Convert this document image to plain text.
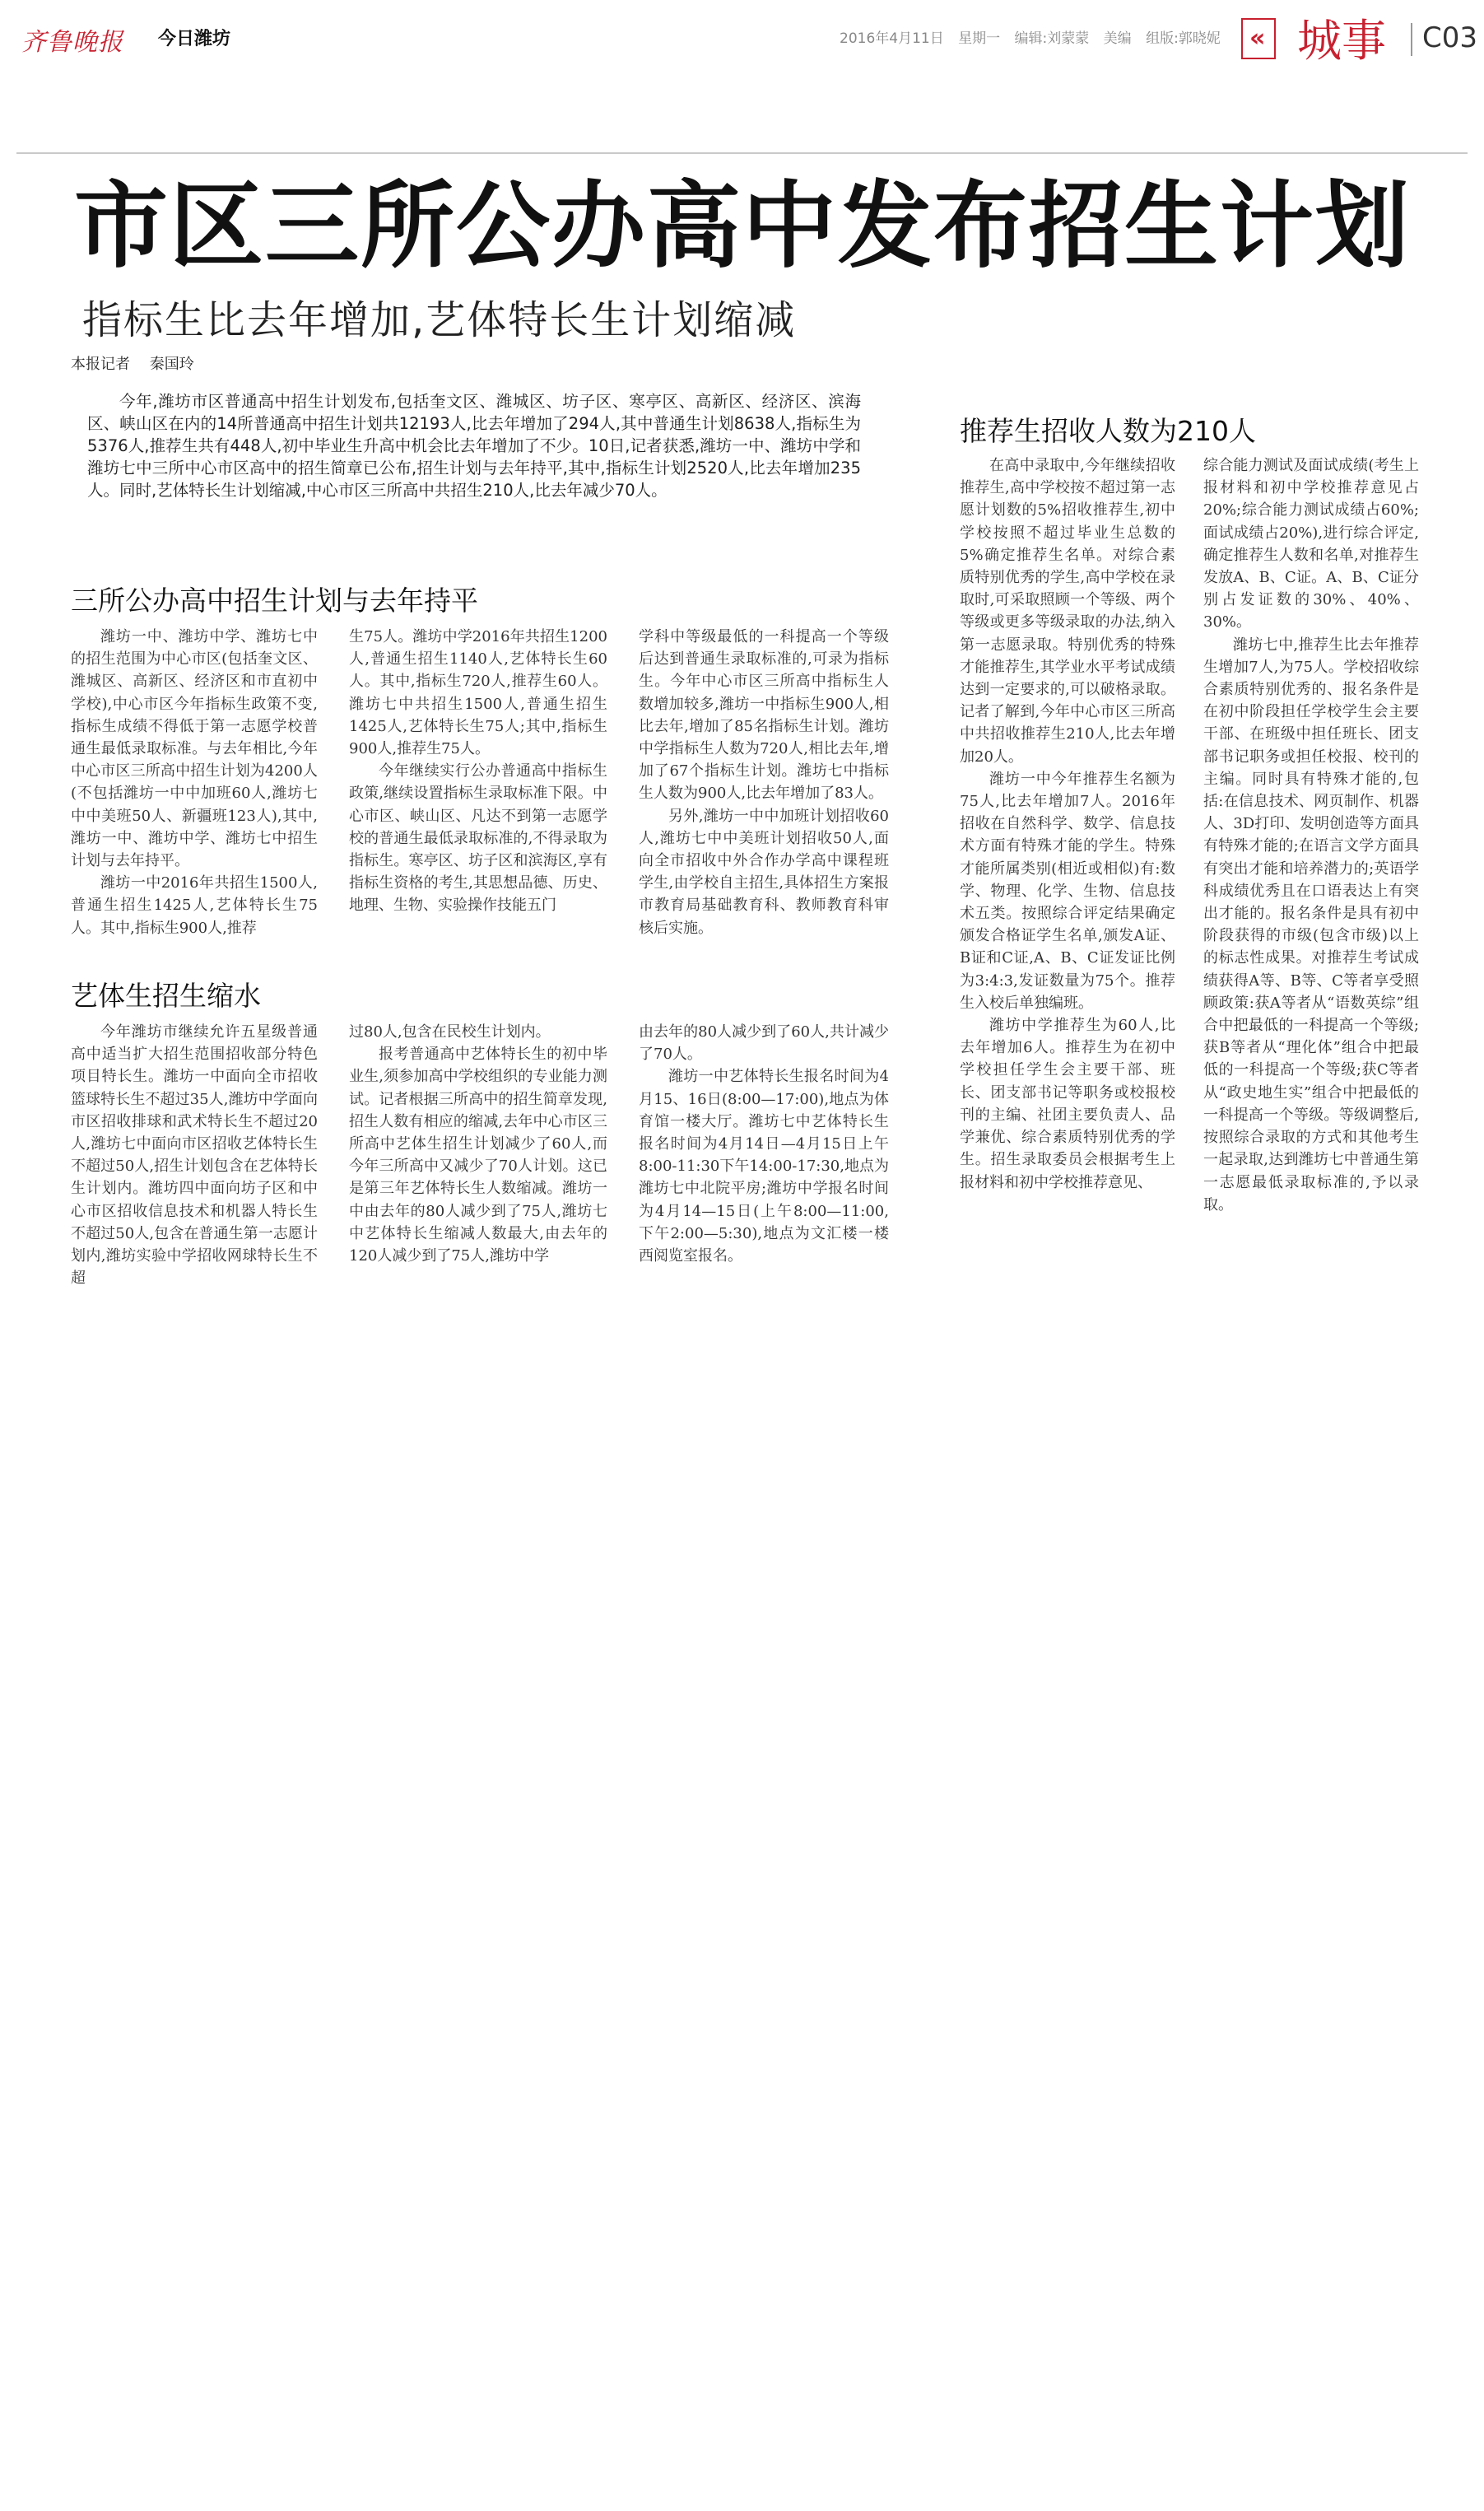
齐鲁晚报 今日潍坊	2016年4月11日 星期一 编辑:刘蒙蒙 美编 组版:郭晓妮	« 城事 C03
市区三所公办高中发布招生计划
指标生比去年增加,艺体特长生计划缩减
本报记者 秦国玲

今年,潍坊市区普通高中招生计划发布,包括奎文区、潍城区、坊子区、寒亭区、高新区、经济区、滨海区、峡山区在内的14所普通高中招生计划共12193人,比去年增加了294人,其中普通生计划8638人,指标生为5376人,推荐生共有448人,初中毕业生升高中机会比去年增加了不少。10日,记者获悉,潍坊一中、潍坊中学和潍坊七中三所中心市区高中的招生简章已公布,招生计划与去年持平,其中,指标生计划2520人,比去年增加235人。同时,艺体特长生计划缩减,中心市区三所高中共招生210人,比去年减少70人。

三所公办高中招生计划与去年持平

潍坊一中、潍坊中学、潍坊七中的招生范围为中心市区(包括奎文区、潍城区、高新区、经济区和市直初中学校),中心市区今年指标生政策不变,指标生成绩不得低于第一志愿学校普通生最低录取标准。与去年相比,今年中心市区三所高中招生计划为4200人(不包括潍坊一中中加班60人,潍坊七中中美班50人、新疆班123人),其中,潍坊一中、潍坊中学、潍坊七中招生计划与去年持平。

潍坊一中2016年共招生1500人,普通生招生1425人,艺体特长生75人。其中,指标生900人,推荐

生75人。潍坊中学2016年共招生1200人,普通生招生1140人,艺体特长生60人。其中,指标生720人,推荐生60人。潍坊七中共招生1500人,普通生招生1425人,艺体特长生75人;其中,指标生900人,推荐生75人。

今年继续实行公办普通高中指标生政策,继续设置指标生录取标准下限。中心市区、峡山区、凡达不到第一志愿学校的普通生最低录取标准的,不得录取为指标生。寒亭区、坊子区和滨海区,享有指标生资格的考生,其思想品德、历史、地理、生物、实验操作技能五门

学科中等级最低的一科提高一个等级后达到普通生录取标准的,可录为指标生。今年中心市区三所高中指标生人数增加较多,潍坊一中指标生900人,相比去年,增加了85名指标生计划。潍坊中学指标生人数为720人,相比去年,增加了67个指标生计划。潍坊七中指标生人数为900人,比去年增加了83人。

另外,潍坊一中中加班计划招收60人,潍坊七中中美班计划招收50人,面向全市招收中外合作办学高中课程班学生,由学校自主招生,具体招生方案报市教育局基础教育科、教师教育科审核后实施。

艺体生招生缩水

今年潍坊市继续允许五星级普通高中适当扩大招生范围招收部分特色项目特长生。潍坊一中面向全市招收篮球特长生不超过35人,潍坊中学面向市区招收排球和武术特长生不超过20人,潍坊七中面向市区招收艺体特长生不超过50人,招生计划包含在艺体特长生计划内。潍坊四中面向坊子区和中心市区招收信息技术和机器人特长生不超过50人,包含在普通生第一志愿计划内,潍坊实验中学招收网球特长生不超

过80人,包含在民校生计划内。

报考普通高中艺体特长生的初中毕业生,须参加高中学校组织的专业能力测试。记者根据三所高中的招生简章发现,招生人数有相应的缩减,去年中心市区三所高中艺体生招生计划减少了60人,而今年三所高中又减少了70人计划。这已是第三年艺体特长生人数缩减。潍坊一中由去年的80人减少到了75人,潍坊七中艺体特长生缩减人数最大,由去年的120人减少到了75人,潍坊中学

由去年的80人减少到了60人,共计减少了70人。

潍坊一中艺体特长生报名时间为4月15、16日(8:00—17:00),地点为体育馆一楼大厅。潍坊七中艺体特长生报名时间为4月14日—4月15日上午8:00-11:30下午14:00-17:30,地点为潍坊七中北院平房;潍坊中学报名时间为4月14—15日(上午8:00—11:00,下午2:00—5:30),地点为文汇楼一楼西阅览室报名。

推荐生招收人数为210人

在高中录取中,今年继续招收推荐生,高中学校按不超过第一志愿计划数的5%招收推荐生,初中学校按照不超过毕业生总数的5%确定推荐生名单。对综合素质特别优秀的学生,高中学校在录取时,可采取照顾一个等级、两个等级或更多等级录取的办法,纳入第一志愿录取。特别优秀的特殊才能推荐生,其学业水平考试成绩达到一定要求的,可以破格录取。记者了解到,今年中心市区三所高中共招收推荐生210人,比去年增加20人。

潍坊一中今年推荐生名额为75人,比去年增加7人。2016年招收在自然科学、数学、信息技术方面有特殊才能的学生。特殊才能所属类别(相近或相似)有:数学、物理、化学、生物、信息技术五类。按照综合评定结果确定颁发合格证学生名单,颁发A证、B证和C证,A、B、C证发证比例为3:4:3,发证数量为75个。推荐生入校后单独编班。

潍坊中学推荐生为60人,比去年增加6人。推荐生为在初中学校担任学生会主要干部、班长、团支部书记等职务或校报校刊的主编、社团主要负责人、品学兼优、综合素质特别优秀的学生。招生录取委员会根据考生上报材料和初中学校推荐意见、

综合能力测试及面试成绩(考生上报材料和初中学校推荐意见占20%;综合能力测试成绩占60%;面试成绩占20%),进行综合评定,确定推荐生人数和名单,对推荐生发放A、B、C证。A、B、C证分别占发证数的30%、40%、30%。

潍坊七中,推荐生比去年推荐生增加7人,为75人。学校招收综合素质特别优秀的、报名条件是在初中阶段担任学校学生会主要干部、在班级中担任班长、团支部书记职务或担任校报、校刊的主编。同时具有特殊才能的,包括:在信息技术、网页制作、机器人、3D打印、发明创造等方面具有特殊才能的;在语言文学方面具有突出才能和培养潜力的;英语学科成绩优秀且在口语表达上有突出才能的。报名条件是具有初中阶段获得的市级(包含市级)以上的标志性成果。对推荐生考试成绩获得A等、B等、C等者享受照顾政策:获A等者从“语数英综”组合中把最低的一科提高一个等级;获B等者从“理化体”组合中把最低的一科提高一个等级;获C等者从“政史地生实”组合中把最低的一科提高一个等级。等级调整后,按照综合录取的方式和其他考生一起录取,达到潍坊七中普通生第一志愿最低录取标准的,予以录取。
